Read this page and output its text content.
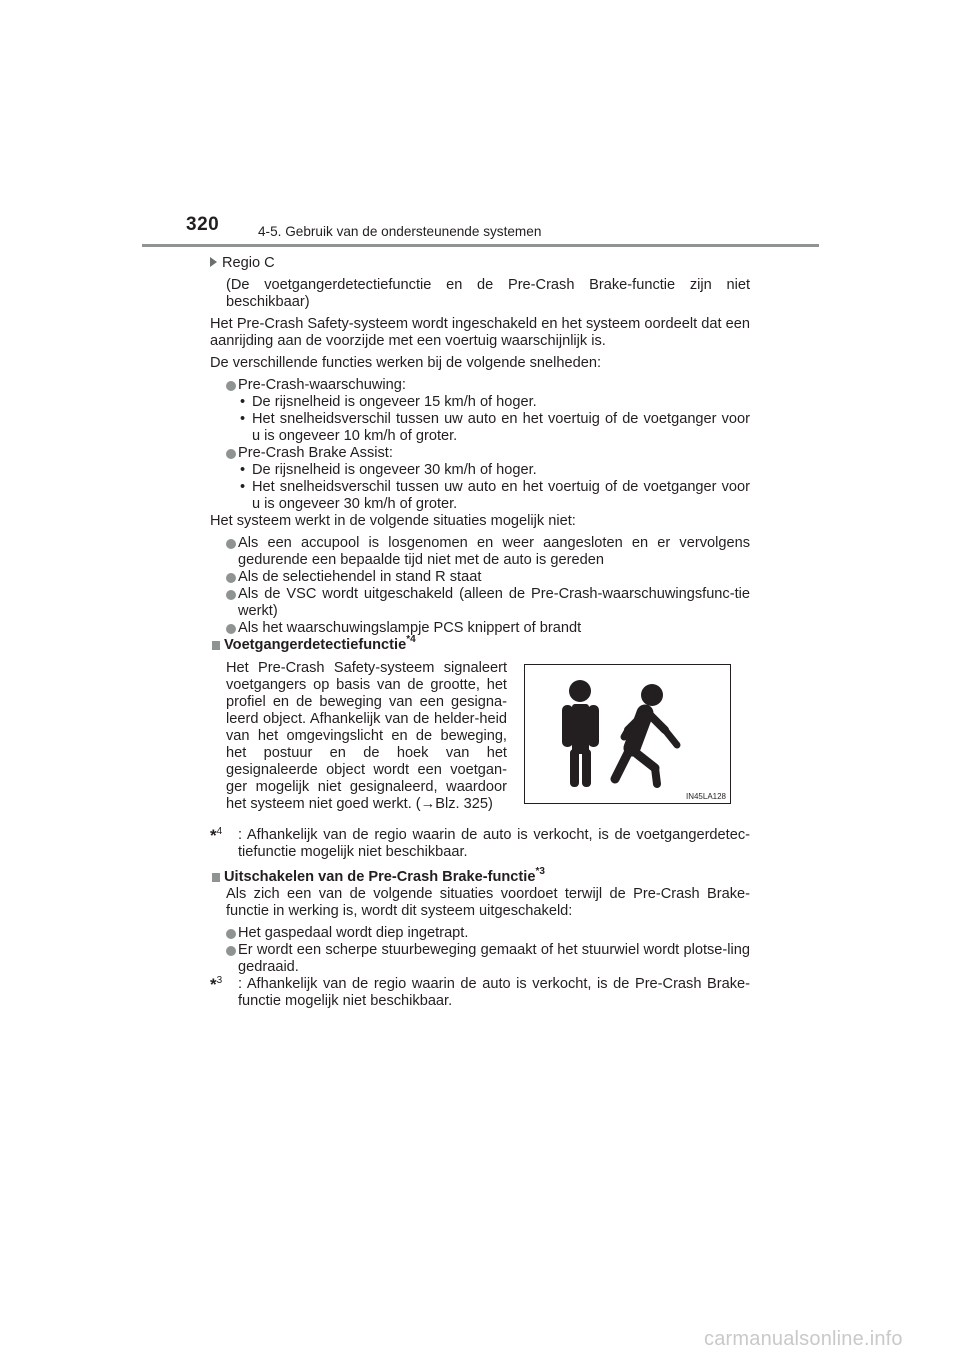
320	4-5. Gebruik van de ondersteunende systemen

Regio C

(De voetgangerdetectiefunctie en de Pre-Crash Brake-functie zijn niet beschikbaar)

Het Pre-Crash Safety-systeem wordt ingeschakeld en het systeem oordeelt dat een aanrijding aan de voorzijde met een voertuig waarschijnlijk is.

De verschillende functies werken bij de volgende snelheden:

Pre-Crash-waarschuwing:

• De rijsnelheid is ongeveer 15 km/h of hoger.

• Het snelheidsverschil tussen uw auto en het voertuig of de voetganger voor u is ongeveer 10 km/h of groter.

Pre-Crash Brake Assist:

• De rijsnelheid is ongeveer 30 km/h of hoger.

• Het snelheidsverschil tussen uw auto en het voertuig of de voetganger voor u is ongeveer 30 km/h of groter.

Het systeem werkt in de volgende situaties mogelijk niet:

Als een accupool is losgenomen en weer aangesloten en er vervolgens gedurende een bepaalde tijd niet met de auto is gereden

Als de selectiehendel in stand R staat

Als de VSC wordt uitgeschakeld (alleen de Pre-Crash-waarschuwingsfunc-tie werkt)

Als het waarschuwingslampje PCS knippert of brandt

Voetgangerdetectiefunctie$^{*4}$

Het Pre-Crash Safety-systeem signaleert voetgangers op basis van de grootte, het profiel en de beweging van een gesigna-leerd object. Afhankelijk van de helder-heid van het omgevingslicht en de beweging, het postuur en de hoek van het gesignaleerde object wordt een voetgan-ger mogelijk niet gesignaleerd, waardoor het systeem niet goed werkt. (→Blz. 325)	IN45LA128

*$^4$ : Afhankelijk van de regio waarin de auto is verkocht, is de voetgangerdetec-tiefunctie mogelijk niet beschikbaar.

Uitschakelen van de Pre-Crash Brake-functie$^{*3}$

Als zich een van de volgende situaties voordoet terwijl de Pre-Crash Brake-functie in werking is, wordt dit systeem uitgeschakeld:

Het gaspedaal wordt diep ingetrapt.

Er wordt een scherpe stuurbeweging gemaakt of het stuurwiel wordt plotse-ling gedraaid.

*$^3$ : Afhankelijk van de regio waarin de auto is verkocht, is de Pre-Crash Brake-functie mogelijk niet beschikbaar.

carmanualsonline.info
